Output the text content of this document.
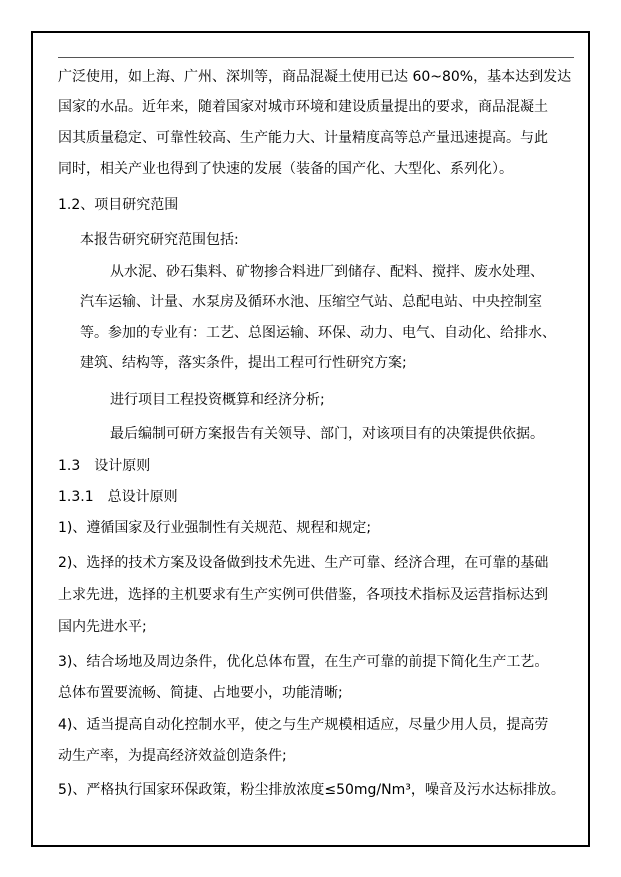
广泛使用，如上海、广州、深圳等，商品混凝土使用已达 60~80%，基本达到发达
国家的水品。近年来，随着国家对城市环境和建设质量提出的要求，商品混凝土
因其质量稳定、可靠性较高、生产能力大、计量精度高等总产量迅速提高。与此
同时，相关产业也得到了快速的发展（装备的国产化、大型化、系列化）。
1.2、项目研究范围
本报告研究研究范围包括:
从水泥、砂石集料、矿物掺合料进厂到储存、配料、搅拌、废水处理、
汽车运输、计量、水泵房及循环水池、压缩空气站、总配电站、中央控制室
等。参加的专业有：工艺、总图运输、环保、动力、电气、自动化、给排水、
建筑、结构等，落实条件，提出工程可行性研究方案;
进行项目工程投资概算和经济分析;
最后编制可研方案报告有关领导、部门，对该项目有的决策提供依据。
1.3　设计原则
1.3.1　总设计原则
1)、遵循国家及行业强制性有关规范、规程和规定;
2)、选择的技术方案及设备做到技术先进、生产可靠、经济合理，在可靠的基础
上求先进，选择的主机要求有生产实例可供借鉴，各项技术指标及运营指标达到
国内先进水平;
3)、结合场地及周边条件，优化总体布置，在生产可靠的前提下简化生产工艺。
总体布置要流畅、简捷、占地要小，功能清晰;
4)、适当提高自动化控制水平，使之与生产规模相适应，尽量少用人员，提高劳
动生产率，为提高经济效益创造条件;
5)、严格执行国家环保政策，粉尘排放浓度≤50mg/Nm³，噪音及污水达标排放。
